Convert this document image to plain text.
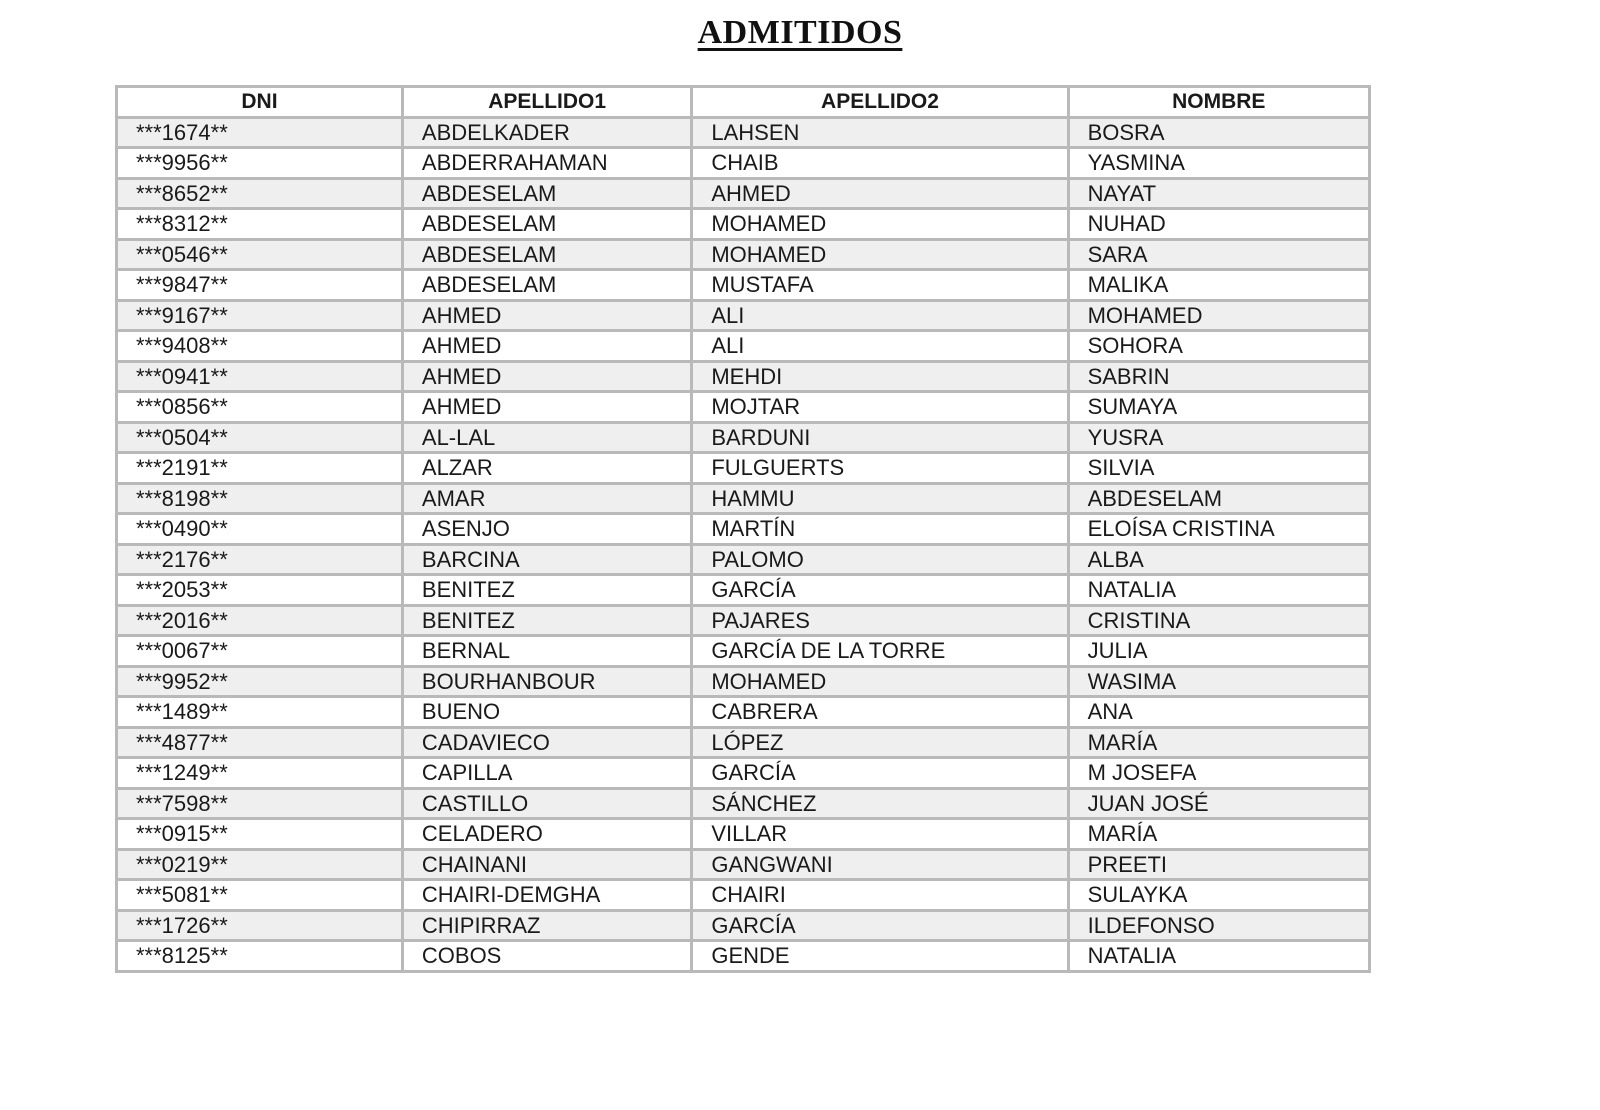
ADMITIDOS
DNI	APELLIDO1	APELLIDO2	NOMBRE
***1674**	ABDELKADER	LAHSEN	BOSRA
***9956**	ABDERRAHAMAN	CHAIB	YASMINA
***8652**	ABDESELAM	AHMED	NAYAT
***8312**	ABDESELAM	MOHAMED	NUHAD
***0546**	ABDESELAM	MOHAMED	SARA
***9847**	ABDESELAM	MUSTAFA	MALIKA
***9167**	AHMED	ALI	MOHAMED
***9408**	AHMED	ALI	SOHORA
***0941**	AHMED	MEHDI	SABRIN
***0856**	AHMED	MOJTAR	SUMAYA
***0504**	AL-LAL	BARDUNI	YUSRA
***2191**	ALZAR	FULGUERTS	SILVIA
***8198**	AMAR	HAMMU	ABDESELAM
***0490**	ASENJO	MARTÍN	ELOÍSA CRISTINA
***2176**	BARCINA	PALOMO	ALBA
***2053**	BENITEZ	GARCÍA	NATALIA
***2016**	BENITEZ	PAJARES	CRISTINA
***0067**	BERNAL	GARCÍA DE LA TORRE	JULIA
***9952**	BOURHANBOUR	MOHAMED	WASIMA
***1489**	BUENO	CABRERA	ANA
***4877**	CADAVIECO	LÓPEZ	MARÍA
***1249**	CAPILLA	GARCÍA	M JOSEFA
***7598**	CASTILLO	SÁNCHEZ	JUAN JOSÉ
***0915**	CELADERO	VILLAR	MARÍA
***0219**	CHAINANI	GANGWANI	PREETI
***5081**	CHAIRI-DEMGHA	CHAIRI	SULAYKA
***1726**	CHIPIRRAZ	GARCÍA	ILDEFONSO
***8125**	COBOS	GENDE	NATALIA
